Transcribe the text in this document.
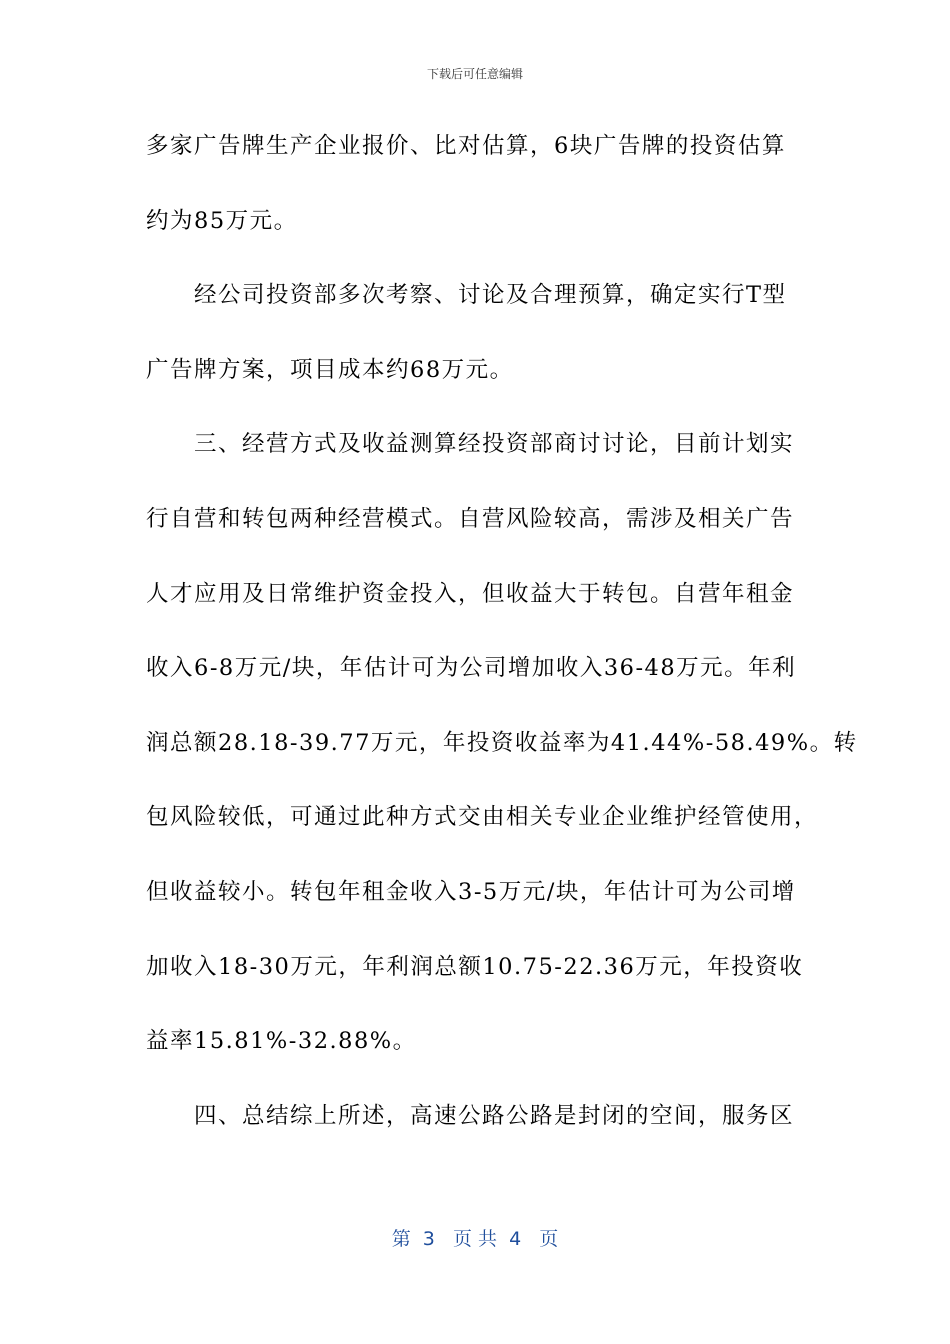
下载后可任意编辑
多家广告牌生产企业报价、比对估算，6块广告牌的投资估算
约为85万元。
经公司投资部多次考察、讨论及合理预算，确定实行T型
广告牌方案，项目成本约68万元。
三、经营方式及收益测算经投资部商讨讨论，目前计划实
行自营和转包两种经营模式。自营风险较高，需涉及相关广告
人才应用及日常维护资金投入，但收益大于转包。自营年租金
收入6-8万元/块，年估计可为公司增加收入36-48万元。年利
润总额28.18-39.77万元，年投资收益率为41.44%-58.49%。转
包风险较低，可通过此种方式交由相关专业企业维护经管使用，
但收益较小。转包年租金收入3-5万元/块，年估计可为公司增
加收入18-30万元，年利润总额10.75-22.36万元，年投资收
益率15.81%-32.88%。
四、总结综上所述，高速公路公路是封闭的空间，服务区
第  3   页 共  4   页
